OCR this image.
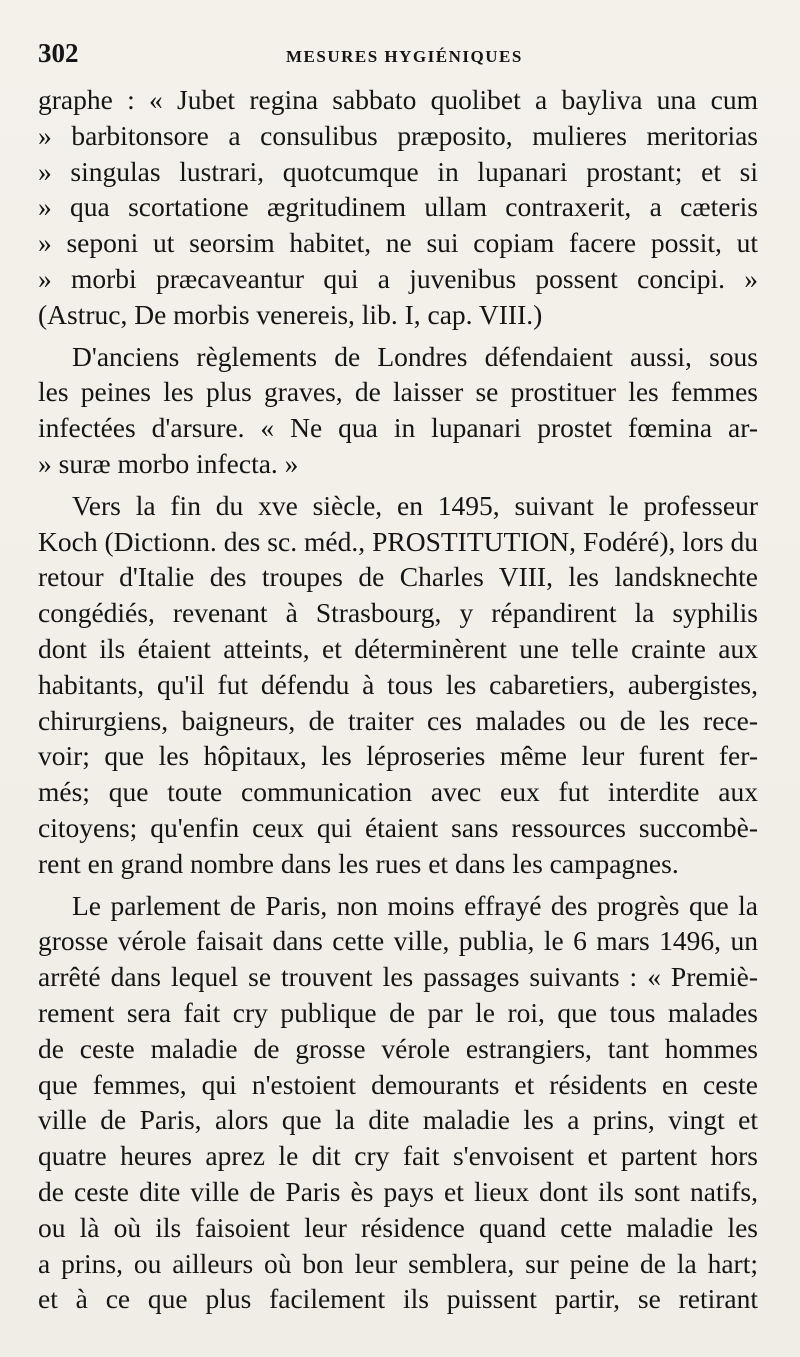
302	MESURES HYGIÉNIQUES
graphe : « Jubet regina sabbato quolibet a bayliva una cum
» barbitonsore a consulibus præposito, mulieres meritorias
» singulas lustrari, quotcumque in lupanari prostant; et si
» qua scortatione ægritudinem ullam contraxerit, a cæteris
» seponi ut seorsim habitet, ne sui copiam facere possit, ut
» morbi præcaveantur qui a juvenibus possent concipi. »
(Astruc, De morbis venereis, lib. I, cap. VIII.)
D'anciens règlements de Londres défendaient aussi, sous
les peines les plus graves, de laisser se prostituer les femmes
infectées d'arsure. « Ne qua in lupanari prostet fœmina ar-
» suræ morbo infecta. »
Vers la fin du xve siècle, en 1495, suivant le professeur
Koch (Dictionn. des sc. méd., PROSTITUTION, Fodéré), lors du
retour d'Italie des troupes de Charles VIII, les landsknechte
congédiés, revenant à Strasbourg, y répandirent la syphilis
dont ils étaient atteints, et déterminèrent une telle crainte aux
habitants, qu'il fut défendu à tous les cabaretiers, aubergistes,
chirurgiens, baigneurs, de traiter ces malades ou de les rece-
voir; que les hôpitaux, les léproseries même leur furent fer-
més; que toute communication avec eux fut interdite aux
citoyens; qu'enfin ceux qui étaient sans ressources succombè-
rent en grand nombre dans les rues et dans les campagnes.
Le parlement de Paris, non moins effrayé des progrès que la
grosse vérole faisait dans cette ville, publia, le 6 mars 1496, un
arrêté dans lequel se trouvent les passages suivants : « Premiè-
rement sera fait cry publique de par le roi, que tous malades
de ceste maladie de grosse vérole estrangiers, tant hommes
que femmes, qui n'estoient demourants et résidents en ceste
ville de Paris, alors que la dite maladie les a prins, vingt et
quatre heures aprez le dit cry fait s'envoisent et partent hors
de ceste dite ville de Paris ès pays et lieux dont ils sont natifs,
ou là où ils faisoient leur résidence quand cette maladie les
a prins, ou ailleurs où bon leur semblera, sur peine de la hart;
et à ce que plus facilement ils puissent partir, se retirant
